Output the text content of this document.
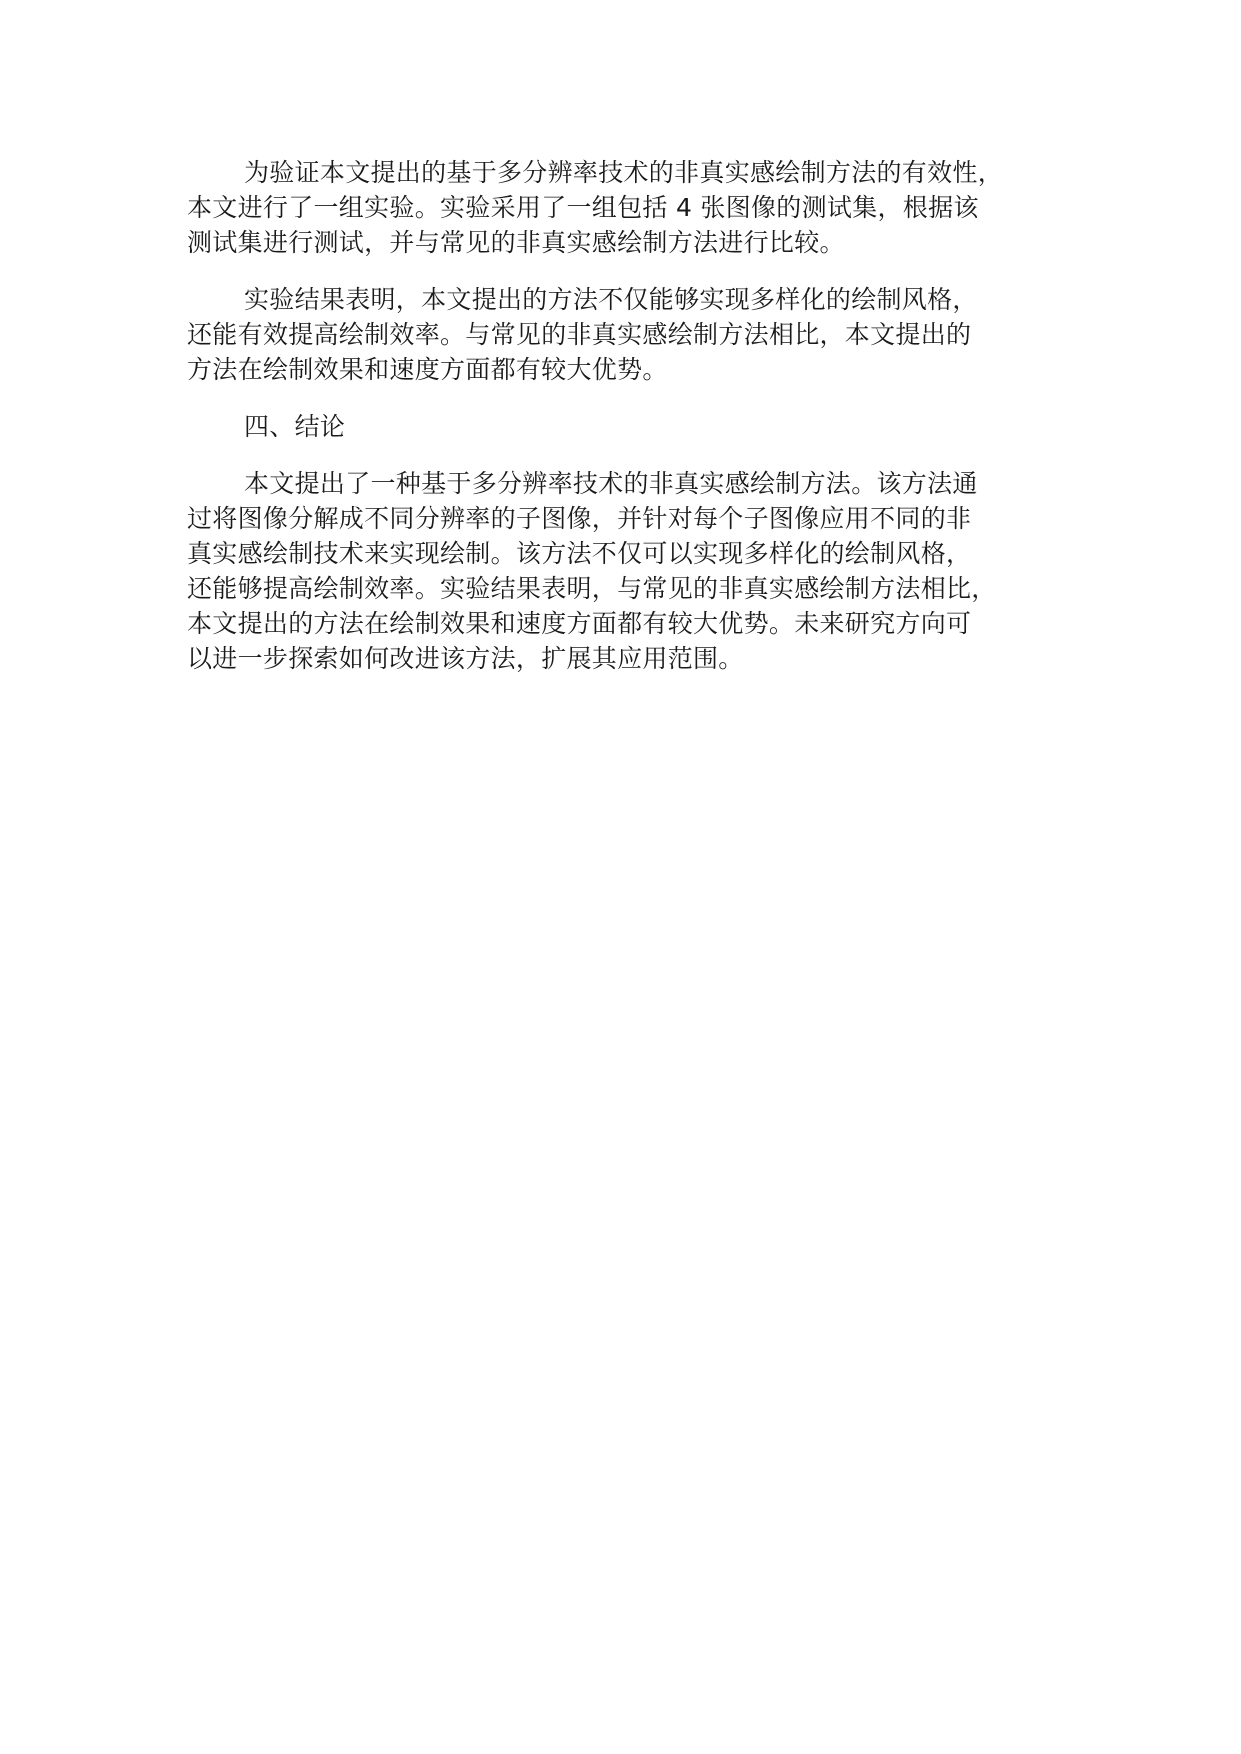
为验证本文提出的基于多分辨率技术的非真实感绘制方法的有效性，
本文进行了一组实验。实验采用了一组包括 4 张图像的测试集，根据该
测试集进行测试，并与常见的非真实感绘制方法进行比较。

实验结果表明，本文提出的方法不仅能够实现多样化的绘制风格，
还能有效提高绘制效率。与常见的非真实感绘制方法相比，本文提出的
方法在绘制效果和速度方面都有较大优势。

四、结论

本文提出了一种基于多分辨率技术的非真实感绘制方法。该方法通
过将图像分解成不同分辨率的子图像，并针对每个子图像应用不同的非
真实感绘制技术来实现绘制。该方法不仅可以实现多样化的绘制风格，
还能够提高绘制效率。实验结果表明，与常见的非真实感绘制方法相比，
本文提出的方法在绘制效果和速度方面都有较大优势。未来研究方向可
以进一步探索如何改进该方法，扩展其应用范围。
